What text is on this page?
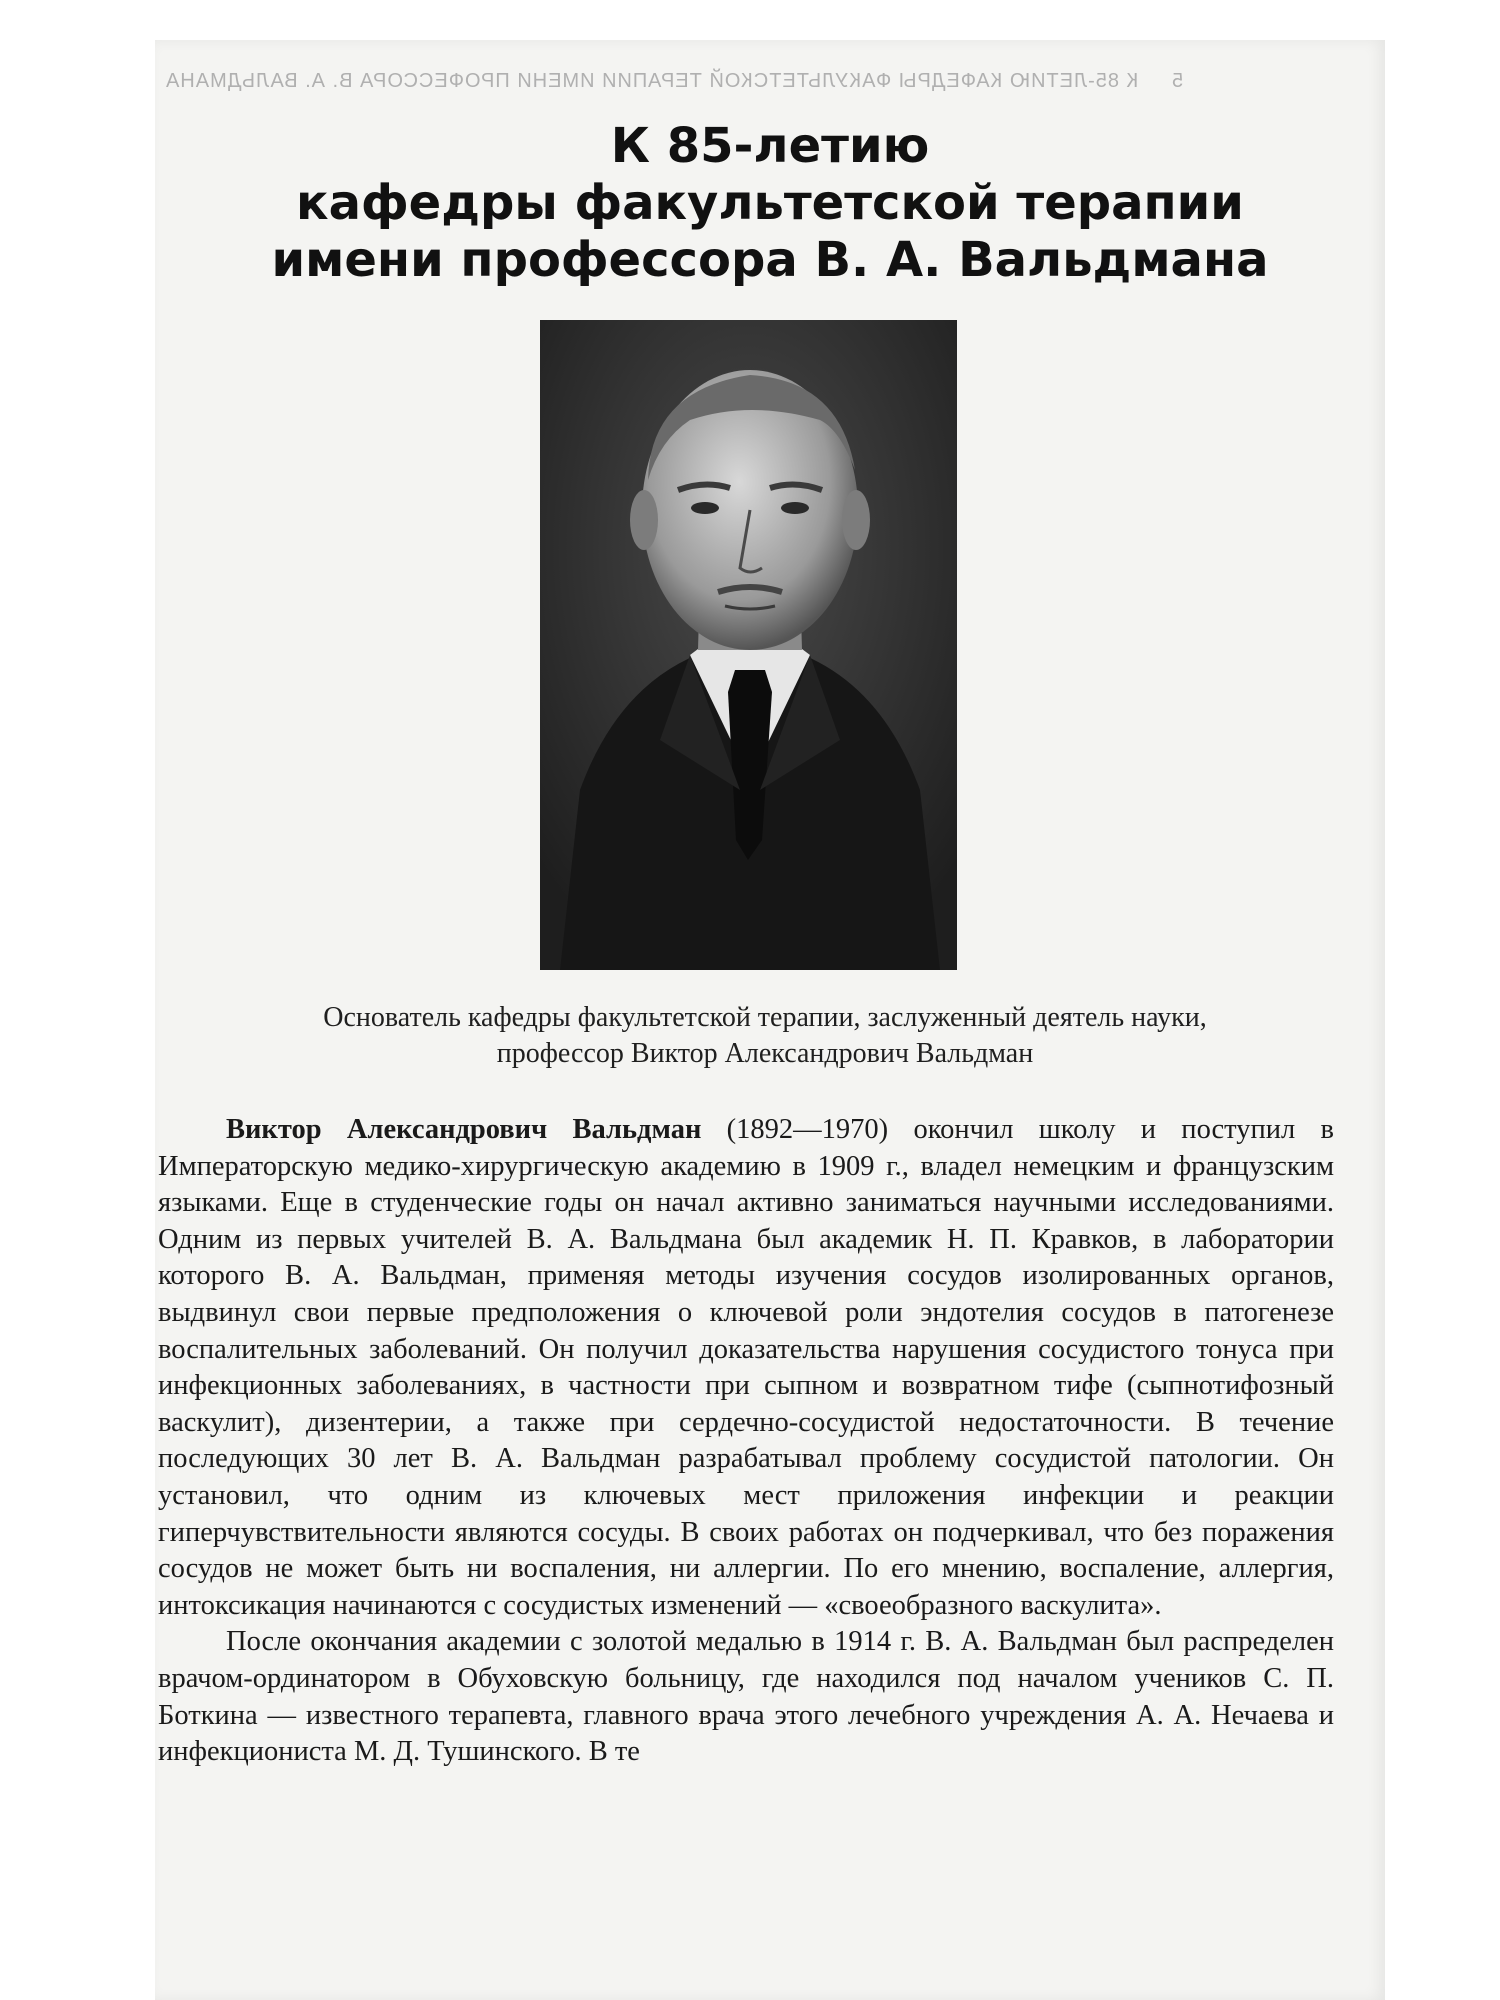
5     К 85-ЛЕТИЮ КАФЕДРЫ ФАКУЛЬТЕТСКОЙ ТЕРАПИИ ИМЕНИ ПРОФЕССОРА В. А. ВАЛЬДМАНА
К 85-летию
кафедры факультетской терапии
имени профессора В. А. Вальдмана
Основатель кафедры факультетской терапии, заслуженный деятель науки,
профессор Виктор Александрович Вальдман

Виктор Александрович Вальдман (1892—1970) окончил школу и поступил в Императорскую медико-хирургическую академию в 1909 г., владел немецким и французским языками. Еще в студенческие годы он начал активно заниматься научными исследованиями. Одним из первых учителей В. А. Вальдмана был академик Н. П. Кравков, в лаборатории которого В. А. Вальдман, применяя методы изучения сосудов изолированных органов, выдвинул свои первые предположения о ключевой роли эндотелия сосудов в патогенезе воспалительных заболеваний. Он получил доказательства нарушения сосудистого тонуса при инфекционных заболеваниях, в частности при сыпном и возвратном тифе (сыпнотифозный васкулит), дизентерии, а также при сердечно-сосудистой недостаточности. В течение последующих 30 лет В. А. Вальдман разрабатывал проблему сосудистой патологии. Он установил, что одним из ключевых мест приложения инфекции и реакции гиперчувствительности являются сосуды. В своих работах он подчеркивал, что без поражения сосудов не может быть ни воспаления, ни аллергии. По его мнению, воспаление, аллергия, интоксикация начинаются с сосудистых изменений — «своеобразного васкулита».

После окончания академии с золотой медалью в 1914 г. В. А. Вальдман был распределен врачом-ординатором в Обуховскую больницу, где находился под началом учеников С. П. Боткина — известного терапевта, главного врача этого лечебного учреждения А. А. Нечаева и инфекциониста М. Д. Тушинского. В те
